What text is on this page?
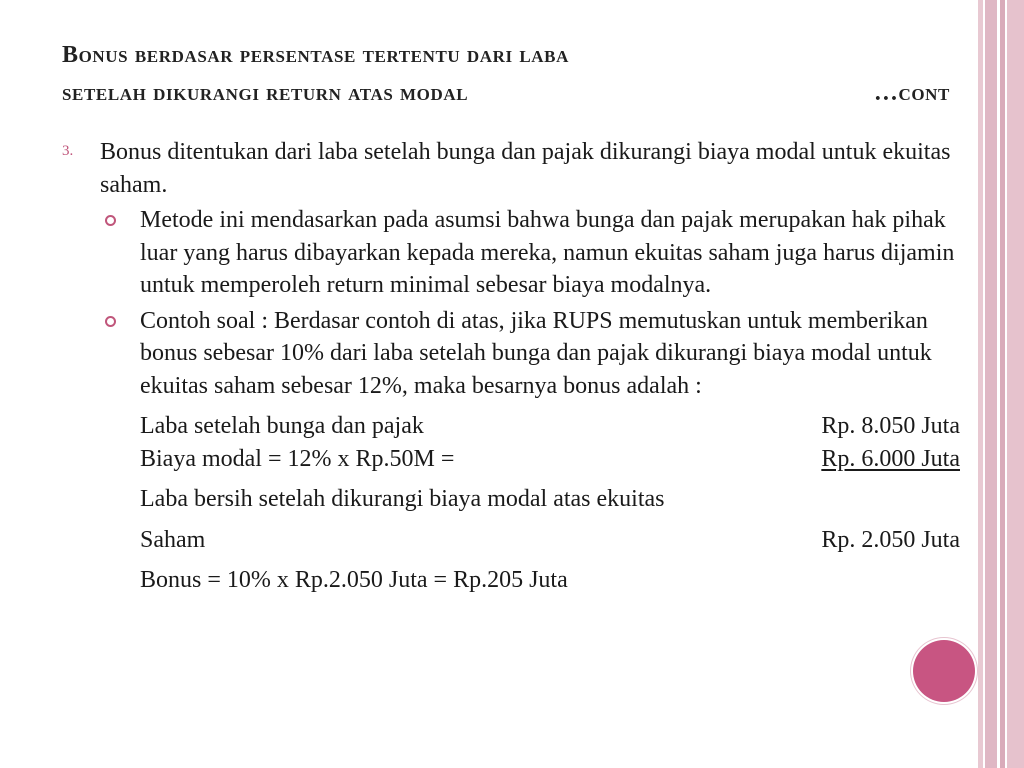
Bonus berdasar persentase tertentu dari laba
setelah dikurangi return atas modal	…cont
3. Bonus ditentukan dari laba setelah bunga dan pajak dikurangi biaya modal untuk ekuitas saham.
Metode ini mendasarkan pada asumsi bahwa bunga dan pajak merupakan hak pihak luar yang harus dibayarkan kepada mereka, namun ekuitas saham juga harus dijamin untuk memperoleh return minimal sebesar biaya modalnya.
Contoh soal : Berdasar contoh di atas, jika RUPS memutuskan untuk memberikan bonus sebesar 10% dari laba setelah bunga dan pajak dikurangi biaya modal untuk ekuitas saham sebesar 12%, maka besarnya bonus adalah :
Laba setelah bunga dan pajak	Rp. 8.050 Juta
Biaya modal = 12% x Rp.50M =	Rp. 6.000 Juta
Laba bersih setelah dikurangi biaya modal atas ekuitas
Saham	Rp. 2.050 Juta
Bonus = 10% x Rp.2.050 Juta = Rp.205 Juta
